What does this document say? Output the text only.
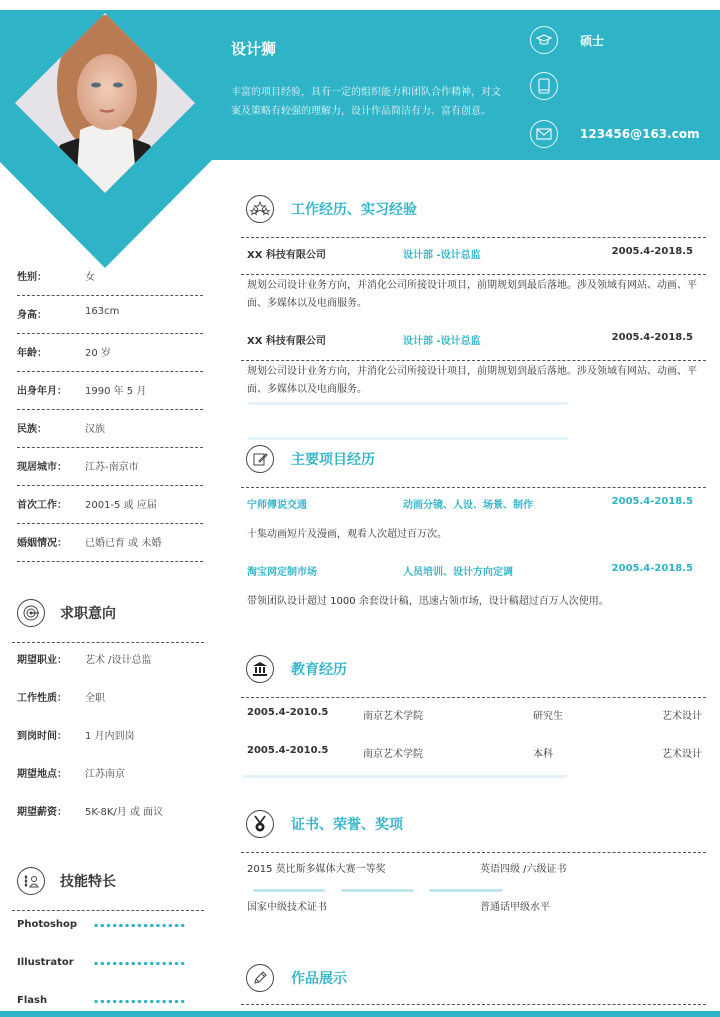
设计狮
丰富的项目经验，具有一定的组织能力和团队合作精神，对文案及策略有较强的理解力，设计作品简洁有力、富有创意。
硕士
123456@163.com
性别：	女
身高：	163cm
年龄：	20 岁
出身年月： 1990 年 5 月
民族：	汉族
现居城市： 江苏-南京市
首次工作： 2001-5 或 应届
婚姻情况： 已婚已育 或 未婚
求职意向
期望职业： 艺术 /设计总监
工作性质： 全职
到岗时间： 1 月内到岗
期望地点： 江苏南京
期望薪资： 5K-8K/月 或 面议
技能特长
Photoshop
Illustrator
Flash
工作经历、实习经验
XX 科技有限公司	设计部 -设计总监	2005.4-2018.5
规划公司设计业务方向，并消化公司所接设计项目，前期规划到最后落地。涉及领域有网站、动画、平面、多媒体以及电商服务。
XX 科技有限公司	设计部 -设计总监	2005.4-2018.5
规划公司设计业务方向，并消化公司所接设计项目，前期规划到最后落地。涉及领域有网站、动画、平面、多媒体以及电商服务。
主要项目经历
宁师傅说交通	动画分镜、人设、场景、制作	2005.4-2018.5
十集动画短片及漫画，观看人次超过百万次。
淘宝网定制市场	人员培训、设计方向定调	2005.4-2018.5
带领团队设计超过 1000 余套设计稿，迅速占领市场，设计稿超过百万人次使用。
教育经历
2005.4-2010.5	南京艺术学院	研究生	艺术设计
2005.4-2010.5	南京艺术学院	本科	艺术设计
证书、荣誉、奖项
2015 莫比斯多媒体大赛一等奖	英语四级 /六级证书
国家中级技术证书	普通话甲级水平
作品展示
